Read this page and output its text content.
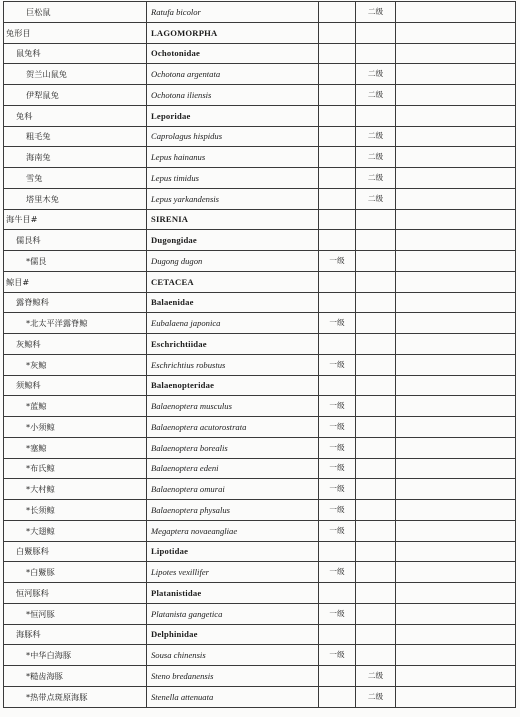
巨松鼠	Ratufa bicolor		二级	
兔形目	LAGOMORPHA			
鼠兔科	Ochotonidae			
贺兰山鼠兔	Ochotona argentata		二级	
伊犁鼠兔	Ochotona iliensis		二级	
兔科	Leporidae			
粗毛兔	Caprolagus hispidus		二级	
海南兔	Lepus hainanus		二级	
雪兔	Lepus timidus		二级	
塔里木兔	Lepus yarkandensis		二级	
海牛目#	SIRENIA			
儒艮科	Dugongidae			
*儒艮	Dugong dugon	一级		
鲸目#	CETACEA			
露脊鲸科	Balaenidae			
*北太平洋露脊鲸	Eubalaena japonica	一级		
灰鲸科	Eschrichtiidae			
*灰鲸	Eschrichtius robustus	一级		
须鲸科	Balaenopteridae			
*蓝鲸	Balaenoptera musculus	一级		
*小须鲸	Balaenoptera acutorostrata	一级		
*塞鲸	Balaenoptera borealis	一级		
*布氏鲸	Balaenoptera edeni	一级		
*大村鲸	Balaenoptera omurai	一级		
*长须鲸	Balaenoptera physalus	一级		
*大翅鲸	Megaptera novaeangliae	一级		
白鱀豚科	Lipotidae			
*白鱀豚	Lipotes vexillifer	一级		
恒河豚科	Platanistidae			
*恒河豚	Platanista gangetica	一级		
海豚科	Delphinidae			
*中华白海豚	Sousa chinensis	一级		
*糙齿海豚	Steno bredanensis		二级	
*热带点斑原海豚	Stenella attenuata		二级	
